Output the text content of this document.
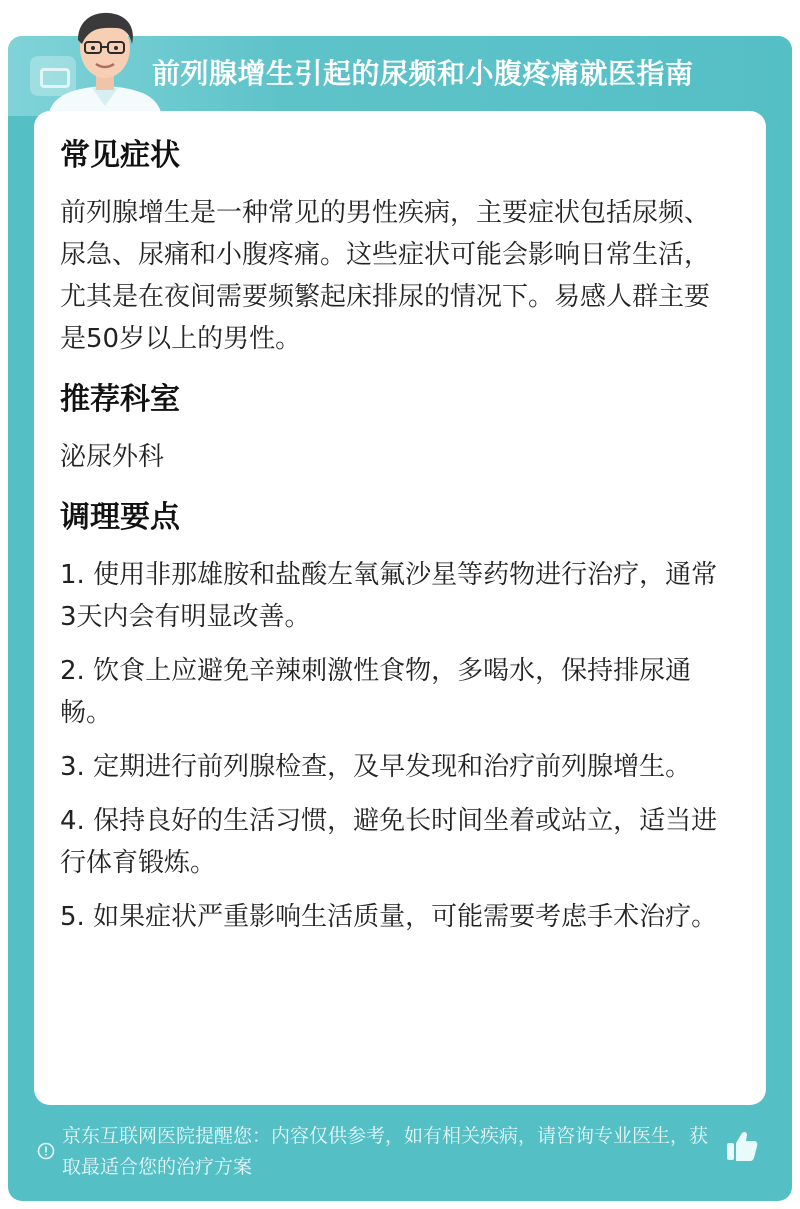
前列腺增生引起的尿频和小腹疼痛就医指南

常见症状

前列腺增生是一种常见的男性疾病，主要症状包括尿频、尿急、尿痛和小腹疼痛。这些症状可能会影响日常生活，尤其是在夜间需要频繁起床排尿的情况下。易感人群主要是50岁以上的男性。

推荐科室

泌尿外科

调理要点

1. 使用非那雄胺和盐酸左氧氟沙星等药物进行治疗，通常3天内会有明显改善。

2. 饮食上应避免辛辣刺激性食物，多喝水，保持排尿通畅。

3. 定期进行前列腺检查，及早发现和治疗前列腺增生。

4. 保持良好的生活习惯，避免长时间坐着或站立，适当进行体育锻炼。

5. 如果症状严重影响生活质量，可能需要考虑手术治疗。

京东互联网医院提醒您：内容仅供参考，如有相关疾病，请咨询专业医生，获取最适合您的治疗方案
